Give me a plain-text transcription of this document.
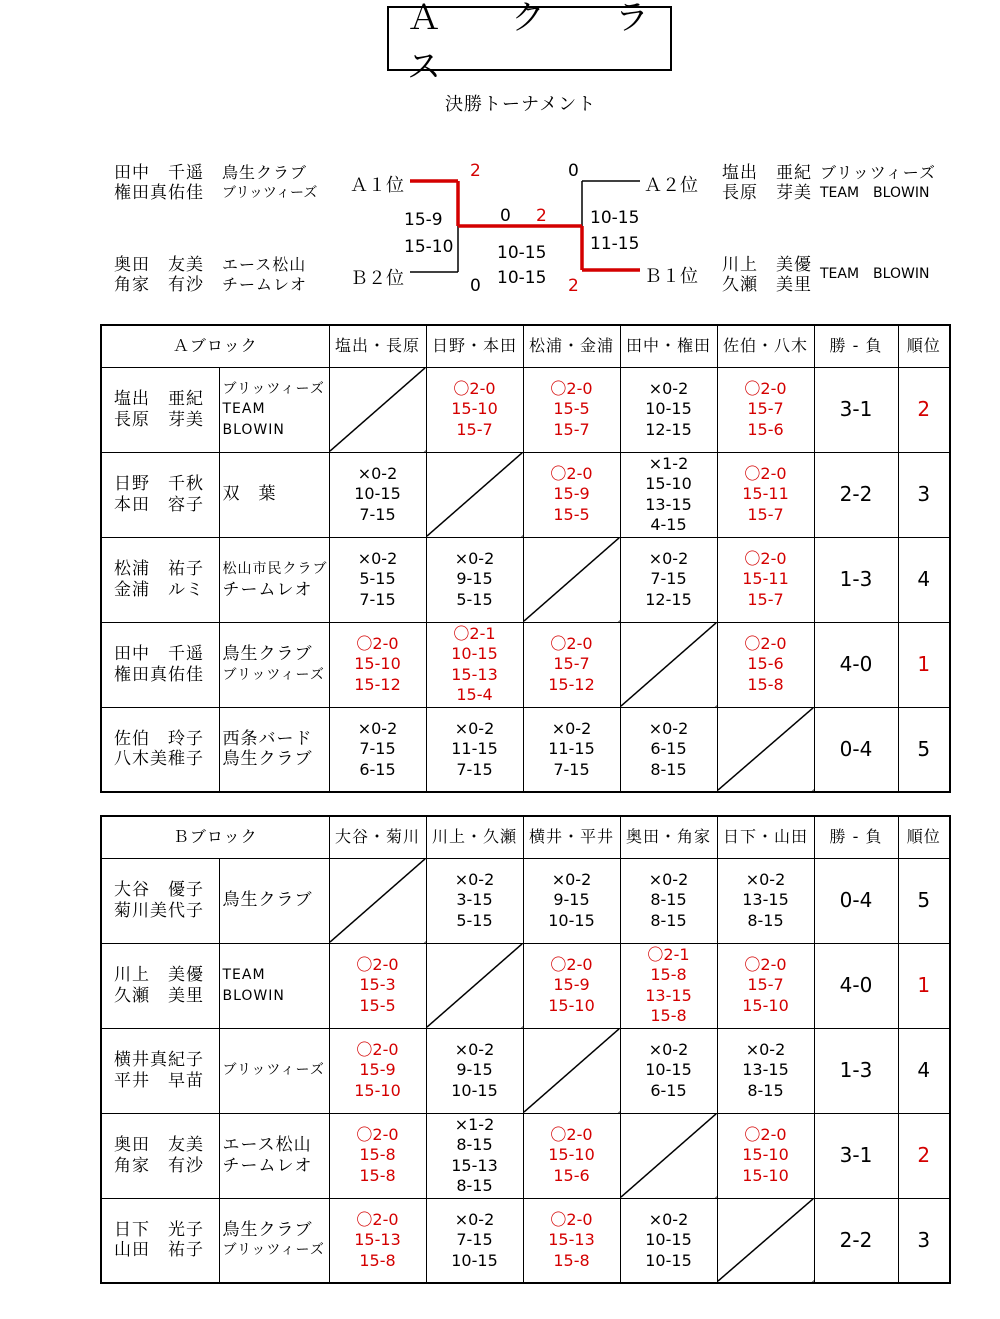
Ａ　ク　ラ　ス
決勝トーナメント
田中　千遥
権田真佑佳
鳥生クラブ
ブリッツィーズ
奥田　友美
角家　有沙
エース松山
チームレオ
塩出　亜紀
長原　芽美
ブリッツィーズ
TEAM　BLOWIN
川上　美優
久瀬　美里
TEAM　BLOWIN
Ａ１位
Ｂ２位
Ａ２位
Ｂ１位
2
0
15-9
15-10
0
2
10-15
11-15
0 2
10-15
10-15
Ａブロック		塩出・長原	日野・本田	松浦・金浦	田中・権田	佐伯・八木	勝 - 負	順位

塩出　亜紀
長原　芽美	ブリッツィーズ
TEAM　BLOWIN		〇2-0
15-10
15-7	〇2-0
15-5
15-7	×0-2
10-15
12-15	〇2-0
15-7
15-6	3-1	2

日野　千秋
本田　容子	双　葉	×0-2
10-15
7-15		〇2-0
15-9
15-5	×1-2
15-10
13-15
4-15	〇2-0
15-11
15-7	2-2	3

松浦　祐子
金浦　ルミ	松山市民クラブ
チームレオ	×0-2
5-15
7-15	×0-2
9-15
5-15		×0-2
7-15
12-15	〇2-0
15-11
15-7	1-3	4

田中　千遥
権田真佑佳	鳥生クラブ
ブリッツィーズ	〇2-0
15-10
15-12	〇2-1
10-15
15-13
15-4	〇2-0
15-7
15-12		〇2-0
15-6
15-8	4-0	1

佐伯　玲子
八木美稚子	西条バード
鳥生クラブ	×0-2
7-15
6-15	×0-2
11-15
7-15	×0-2
11-15
7-15	×0-2
6-15
8-15		0-4	5
Ｂブロック		大谷・菊川	川上・久瀬	横井・平井	奥田・角家	日下・山田	勝 - 負	順位

大谷　優子
菊川美代子	鳥生クラブ		×0-2
3-15
5-15	×0-2
9-15
10-15	×0-2
8-15
8-15	×0-2
13-15
8-15	0-4	5

川上　美優
久瀬　美里	TEAM　BLOWIN	〇2-0
15-3
15-5		〇2-0
15-9
15-10	〇2-1
15-8
13-15
15-8	〇2-0
15-7
15-10	4-0	1

横井真紀子
平井　早苗	ブリッツィーズ	〇2-0
15-9
15-10	×0-2
9-15
10-15		×0-2
10-15
6-15	×0-2
13-15
8-15	1-3	4

奥田　友美
角家　有沙	エース松山
チームレオ	〇2-0
15-8
15-8	×1-2
8-15
15-13
8-15	〇2-0
15-10
15-6		〇2-0
15-10
15-10	3-1	2

日下　光子
山田　祐子	鳥生クラブ
ブリッツィーズ	〇2-0
15-13
15-8	×0-2
7-15
10-15	〇2-0
15-13
15-8	×0-2
10-15
10-15		2-2	3
